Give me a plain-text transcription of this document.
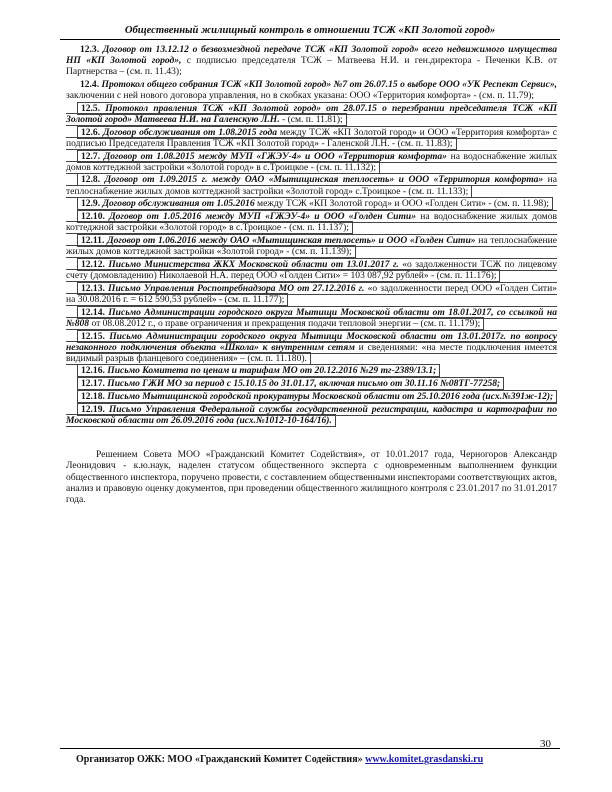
Общественный жилищный контроль в отношении ТСЖ «КП Золотой город»
12.3. Договор от 13.12.12 о безвозмездной передаче ТСЖ «КП Золотой город» всего недвижимого имущества НП «КП Золотой город», с подписью председателя ТСЖ – Матвеева Н.И. и ген.директора - Печенки К.В. от Партнерства – (см. п. 11.43);
12.4. Протокол общего собрания ТСЖ «КП Золотой город» №7 от 26.07.15 о выборе ООО «УК Респект Сервис», заключении с ней нового договора управления, но в скобках указана: ООО «Территория комфорта» - (см. п. 11.79);
12.5. Протокол правления ТСЖ «КП Золотой город» от 28.07.15 о перезбрании председателя ТСЖ «КП Золотой город» Матвеева Н.И. на Галенскую Л.Н. - (см. п. 11.81);
12.6. Договор обслуживания от 1.08.2015 года между ТСЖ «КП Золотой город» и ООО «Территория комфорта» с подписью Председателя Правления ТСЖ «КП Золотой город» - Галенской Л.Н. - (см. п. 11.83);
12.7. Договор от 1.08.2015 между МУП «ГЖЭУ-4» и ООО «Территория комфорта» на водоснабжение жилых домов коттеджной застройки «Золотой город» в с.Троицкое - (см. п. 11.132);
12.8. Договор от 1.09.2015 г. между ОАО «Мытищинская теплосеть» и ООО «Территория комфорта» на теплоснабжение жилых домов коттеджной застройки «Золотой город» с.Троицкое - (см. п. 11.133);
12.9. Договор обслуживания от 1.05.2016 между ТСЖ «КП Золотой город» и ООО «Голден Сити» - (см. п. 11.98);
12.10. Договор от 1.05.2016 между МУП «ГЖЭУ-4» и ООО «Голден Сити» на водоснабжение жилых домов коттеджной застройки «Золотой город» в с.Троицкое - (см. п. 11.137);
12.11. Договор от 1.06.2016 между ОАО «Мытищинская теплосеть» и ООО «Голден Сити» на теплоснабжение жилых домов коттеджной застройки «Золотой город» - (см. п. 11.139);
12.12. Письмо Министерства ЖКХ Московской области от 13.01.2017 г. «о задолженности ТСЖ по лицевому счету (домовладению) Николаевой Н.А. перед ООО «Голден Сити» = 103 087,92 рублей» - (см. п. 11.176);
12.13. Письмо Управления Роспотребнадзора МО от 27.12.2016 г. «о задолженности перед ООО «Голден Сити» на 30.08.2016 г. = 612 590,53 рублей» - (см. п. 11.177);
12.14. Письмо Администрации городского округа Мытищи Московской области от 18.01.2017, со ссылкой на №808 от 08.08.2012 г., о праве ограничения и прекращения подачи тепловой энергии – (см. п. 11.179);
12.15. Письмо Администрации городского округа Мытищи Московской области от 13.01.2017г. по вопросу незаконного подключения объекта «Школа» к внутренним сетям и сведениями: «на месте подключения имеется видимый разрыв фланцевого соединения» – (см. п. 11.180).
12.16. Письмо Комитета по ценам и тарифам МО от 20.12.2016 №29 тг-2389/13.1;
12.17. Письмо ГЖИ МО за период с 15.10.15 до 31.01.17, включая письмо от 30.11.16 №08ТГ-77258;
12.18. Письмо Мытищинской городской прокуратуры Московской области от 25.10.2016 года (исх.№391ж-12);
12.19. Письмо Управления Федеральной службы государственной регистрации, кадастра и картографии по Московской области от 26.09.2016 года (исх.№1012-10-164/16).
Решением Совета МОО «Гражданский Комитет Содействия», от 10.01.2017 года, Черногоров Александр Леонидович - к.ю.наук, наделен статусом общественного эксперта с одновременным выполнением функции общественного инспектора, поручено провести, с составлением общественными инспекторами соответствующих актов, анализ и правовую оценку документов, при проведении общественного жилищного контроля с 23.01.2017 по 31.01.2017 года.
30
Организатор ОЖК: МОО «Гражданский Комитет Содействия» www.komitet.grasdanski.ru
